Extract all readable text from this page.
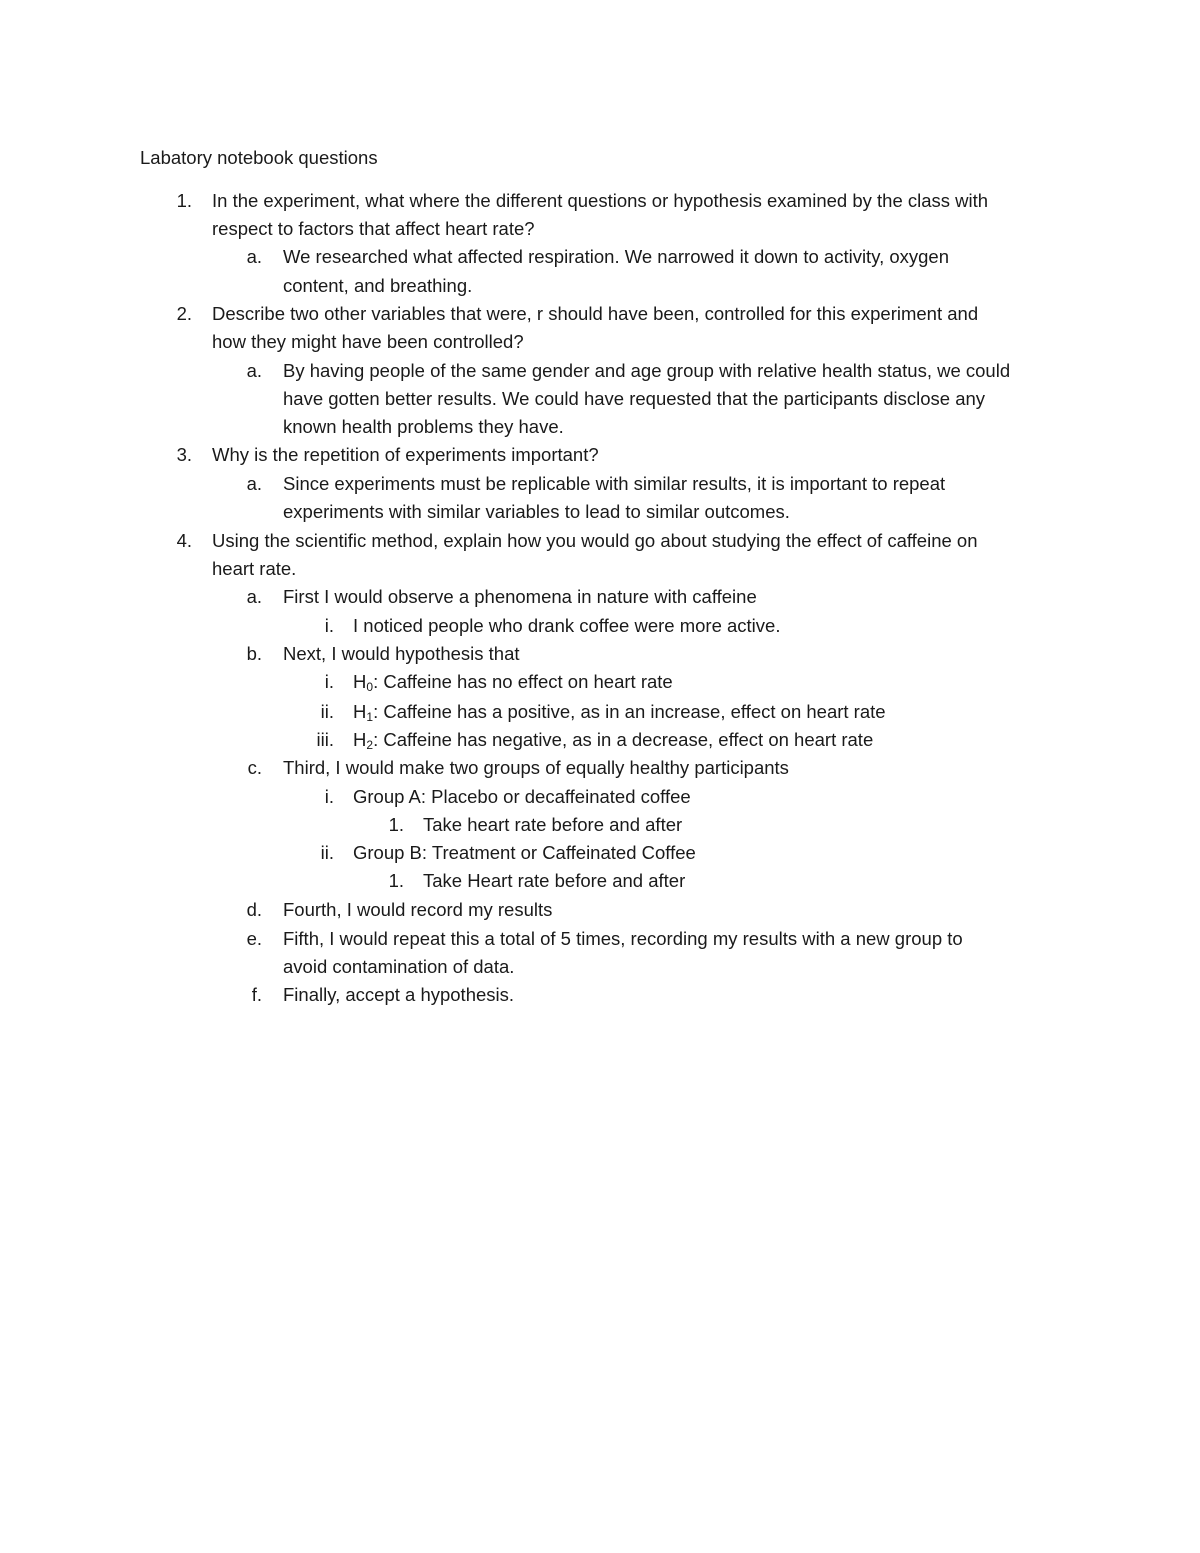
Labatory notebook questions
1. In the experiment, what where the different questions or hypothesis examined by the class with
respect to factors that affect heart rate?
a. We researched what affected respiration. We narrowed it down to activity, oxygen
content, and breathing.
2. Describe two other variables that were, r should have been, controlled for this experiment and
how they might have been controlled?
a. By having people of the same gender and age group with relative health status, we could
have gotten better results. We could have requested that the participants disclose any
known health problems they have.
3. Why is the repetition of experiments important?
a. Since experiments must be replicable with similar results, it is important to repeat
experiments with similar variables to lead to similar outcomes.
4. Using the scientific method, explain how you would go about studying the effect of caffeine on
heart rate.
a. First I would observe a phenomena in nature with caffeine
i. I noticed people who drank coffee were more active.
b. Next, I would hypothesis that
i. $H_0$: Caffeine has no effect on heart rate
ii. $H_1$: Caffeine has a positive, as in an increase, effect on heart rate
iii. $H_2$: Caffeine has negative, as in a decrease, effect on heart rate
c. Third, I would make two groups of equally healthy participants
i. Group A: Placebo or decaffeinated coffee
1. Take heart rate before and after
ii. Group B: Treatment or Caffeinated Coffee
1. Take Heart rate before and after
d. Fourth, I would record my results
e. Fifth, I would repeat this a total of 5 times, recording my results with a new group to
avoid contamination of data.
f. Finally, accept a hypothesis.
